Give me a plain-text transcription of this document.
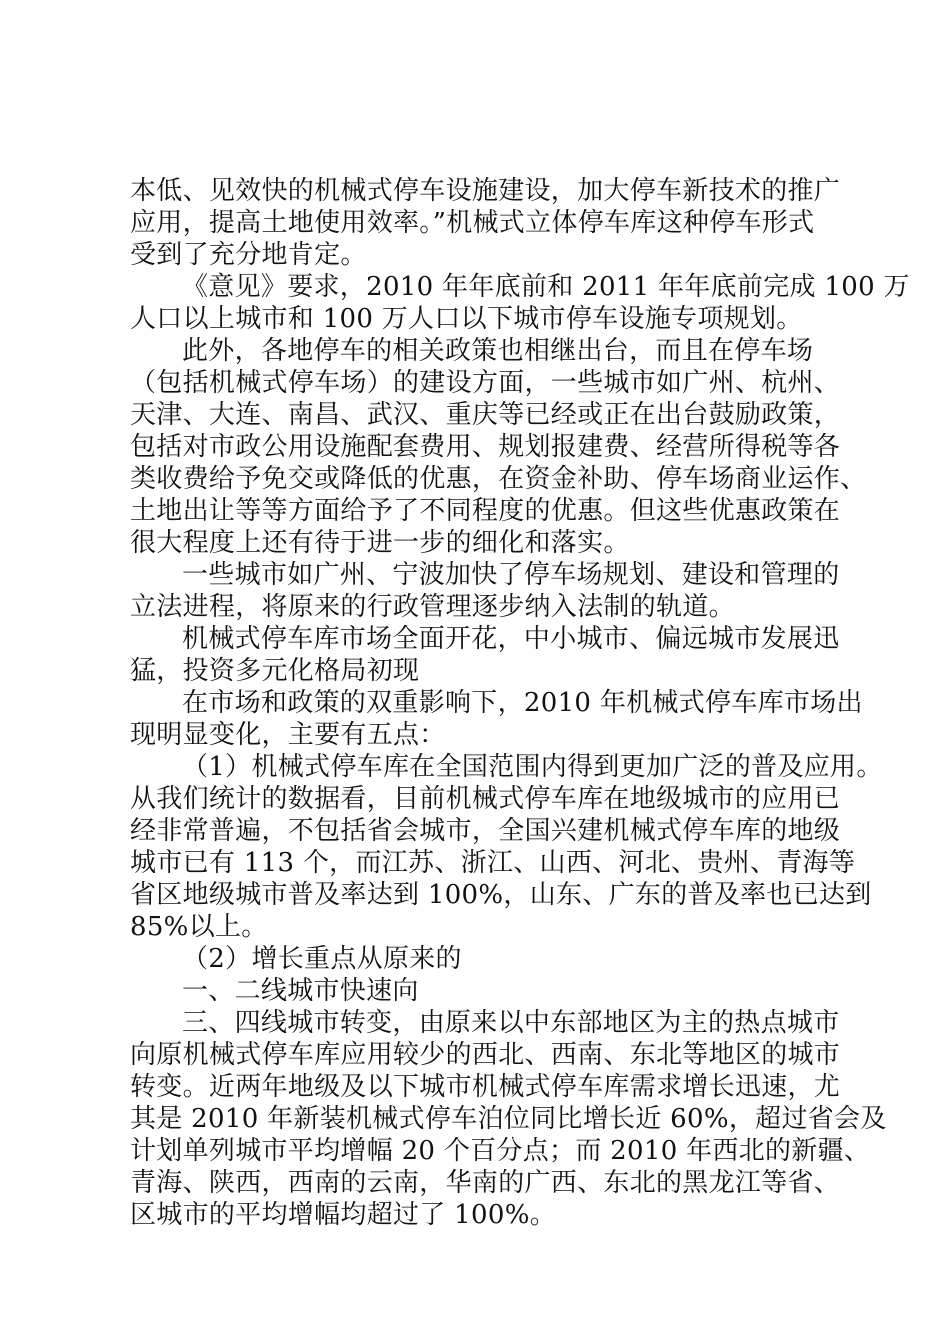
本低、见效快的机械式停车设施建设，加大停车新技术的推广
应用，提高土地使用效率。”机械式立体停车库这种停车形式
受到了充分地肯定。
《意见》要求，2010 年年底前和 2011 年年底前完成 100 万
人口以上城市和 100 万人口以下城市停车设施专项规划。
此外，各地停车的相关政策也相继出台，而且在停车场
（包括机械式停车场）的建设方面，一些城市如广州、杭州、
天津、大连、南昌、武汉、重庆等已经或正在出台鼓励政策，
包括对市政公用设施配套费用、规划报建费、经营所得税等各
类收费给予免交或降低的优惠，在资金补助、停车场商业运作、
土地出让等等方面给予了不同程度的优惠。但这些优惠政策在
很大程度上还有待于进一步的细化和落实。
一些城市如广州、宁波加快了停车场规划、建设和管理的
立法进程，将原来的行政管理逐步纳入法制的轨道。
机械式停车库市场全面开花，中小城市、偏远城市发展迅
猛，投资多元化格局初现
在市场和政策的双重影响下，2010 年机械式停车库市场出
现明显变化，主要有五点：
（1）机械式停车库在全国范围内得到更加广泛的普及应用。
从我们统计的数据看，目前机械式停车库在地级城市的应用已
经非常普遍，不包括省会城市，全国兴建机械式停车库的地级
城市已有 113 个，而江苏、浙江、山西、河北、贵州、青海等
省区地级城市普及率达到 100%，山东、广东的普及率也已达到
85%以上。
（2）增长重点从原来的
一、二线城市快速向
三、四线城市转变，由原来以中东部地区为主的热点城市
向原机械式停车库应用较少的西北、西南、东北等地区的城市
转变。近两年地级及以下城市机械式停车库需求增长迅速，尤
其是 2010 年新装机械式停车泊位同比增长近 60%，超过省会及
计划单列城市平均增幅 20 个百分点；而 2010 年西北的新疆、
青海、陕西，西南的云南，华南的广西、东北的黑龙江等省、
区城市的平均增幅均超过了 100%。
